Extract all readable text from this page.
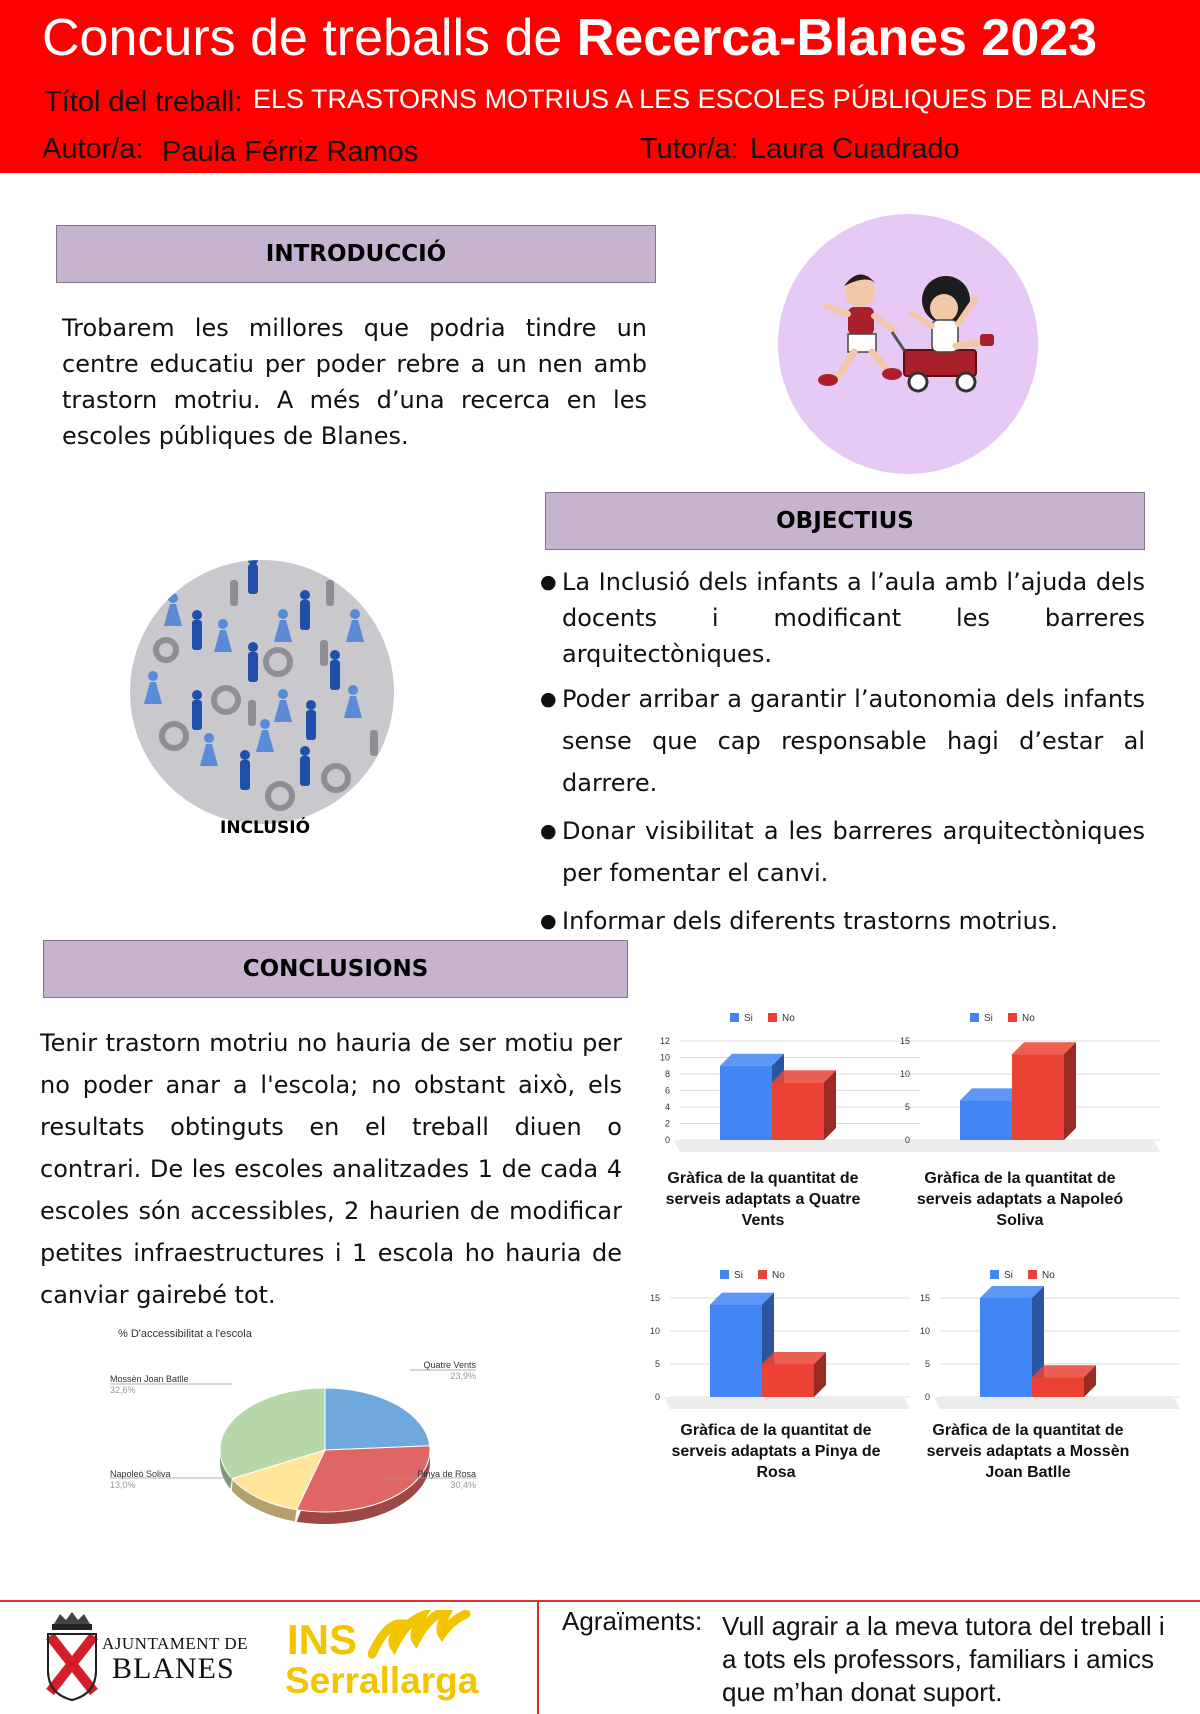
Concurs de treballs de Recerca-Blanes 2023
Títol del treball: ELS TRASTORNS MOTRIUS A LES ESCOLES PÚBLIQUES DE BLANES
Autor/a: Paula Férriz Ramos	Tutor/a: Laura Cuadrado
INTRODUCCIÓ
Trobarem les millores que podria tindre un centre educatiu per poder rebre a un nen amb trastorn motriu. A més d’una recerca en les escoles públiques de Blanes.
INCLUSIÓ
OBJECTIUS
● La Inclusió dels infants a l’aula amb l’ajuda dels docents i modificant les barreres arquitectòniques.
● Poder arribar a garantir l’autonomia dels infants sense que cap responsable hagi d’estar al darrere.
● Donar visibilitat a les barreres arquitectòniques per fomentar el canvi.
● Informar dels diferents trastorns motrius.
CONCLUSIONS
Tenir trastorn motriu no hauria de ser motiu per no poder anar a l'escola; no obstant això, els resultats obtinguts en el treball diuen o contrari. De les escoles analitzades 1 de cada 4 escoles són accessibles, 2 haurien de modificar petites infraestructures i 1 escola ho hauria de canviar gairebé tot.
Si	No
0
2
4
6
8
10
12
Gràfica de la quantitat de serveis adaptats a Quatre Vents
Si	No
0
5
10
15
Gràfica de la quantitat de serveis adaptats a Napoleó Soliva
Si	No
0
5
10
15
Gràfica de la quantitat de serveis adaptats a Pinya de Rosa
Si	No
0
5
10
15
Gràfica de la quantitat de serveis adaptats a Mossèn Joan Batlle
% D'accessibilitat a l'escola
Quatre Vents
23,9%
Pinya de Rosa
30,4%
Napoleó Soliva
13,0%
Mossèn Joan Batlle
32,6%
AJUNTAMENT DE
BLANES
INS
Serrallarga
Agraïments: Vull agrair a la meva tutora del treball i a tots els professors, familiars i amics que m’han donat suport.
